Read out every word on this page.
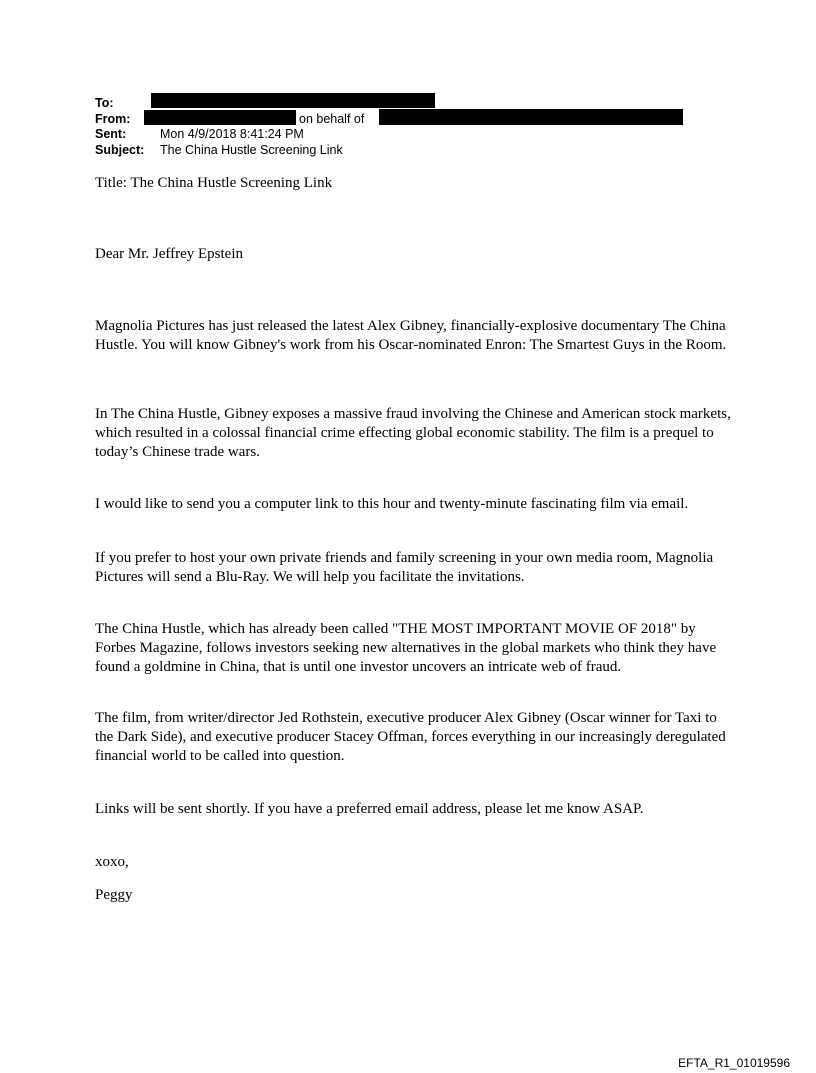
To:
From:	on behalf of
Sent:	Mon 4/9/2018 8:41:24 PM
Subject: The China Hustle Screening Link

Title: The China Hustle Screening Link

Dear Mr. Jeffrey Epstein

Magnolia Pictures has just released the latest Alex Gibney, financially-explosive documentary The China Hustle. You will know Gibney's work from his Oscar-nominated Enron: The Smartest Guys in the Room.

In The China Hustle, Gibney exposes a massive fraud involving the Chinese and American stock markets, which resulted in a colossal financial crime effecting global economic stability. The film is a prequel to today’s Chinese trade wars.

I would like to send you a computer link to this hour and twenty-minute fascinating film via email.

If you prefer to host your own private friends and family screening in your own media room, Magnolia Pictures will send a Blu-Ray. We will help you facilitate the invitations.

The China Hustle, which has already been called "THE MOST IMPORTANT MOVIE OF 2018" by Forbes Magazine, follows investors seeking new alternatives in the global markets who think they have found a goldmine in China, that is until one investor uncovers an intricate web of fraud.

The film, from writer/director Jed Rothstein, executive producer Alex Gibney (Oscar winner for Taxi to the Dark Side), and executive producer Stacey Offman, forces everything in our increasingly deregulated financial world to be called into question.

Links will be sent shortly. If you have a preferred email address, please let me know ASAP.

xoxo,

Peggy

EFTA_R1_01019596
